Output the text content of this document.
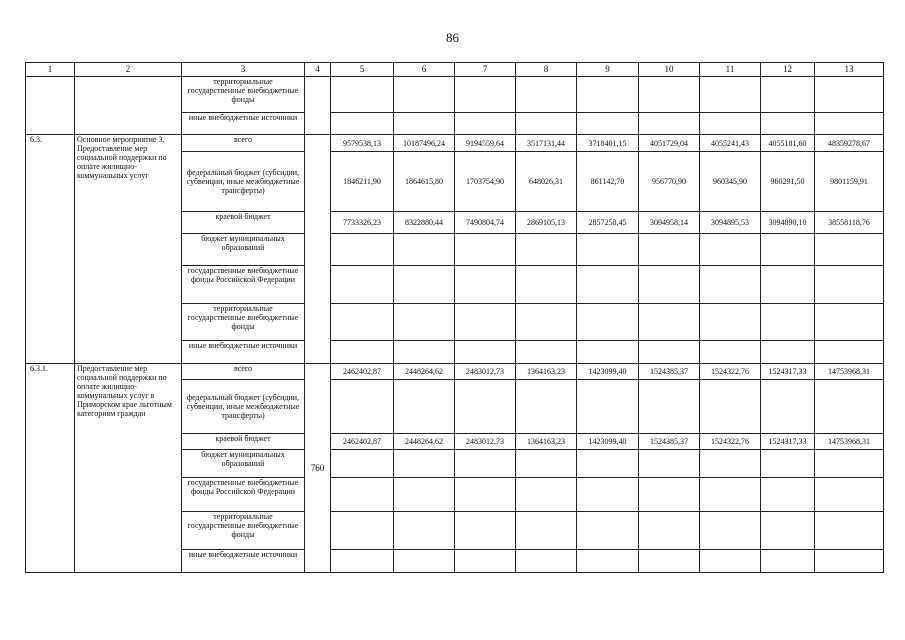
86
1	2	3	4	5	6	7	8	9	10	11	12	13
		территориальные государственные внебюджетные фонды										
		иные внебюджетные источники										
6.3.	Основное мероприятие 3. Предоставление мер социальной поддержки по оплате жилищно-коммунальных услуг	всего		9579538,13	10187496,24	9194559,64	3517131,44	3718401,15	4051729,04	4055241,43	4055181,60	48359278,67
		федеральный бюджет (субсидии, субвенции, иные межбюджетные трансферты)		1846211,90	1864615,80	1703754,90	648026,31	861142,70	956770,90	960345,90	960291,50	9801159,91
		краевой бюджет		7733326,23	8322880,44	7490804,74	2869105,13	2857258,45	3094958,14	3094895,53	3094890,10	38558118,76
		бюджет муниципальных образований										
		государственные внебюджетные фонды Российской Федерации										
		территориальные государственные внебюджетные фонды										
		иные внебюджетные источники										
6.3.1.	Предоставление мер социальной поддержки по оплате жилищно-коммунальных услуг в Приморском крае льготным категориям граждан	всего	760	2462402,87	2448264,62	2483012,73	1364163,23	1423099,40	1524385,37	1524322,76	1524317,33	14753968,31
		федеральный бюджет (субсидии, субвенции, иные межбюджетные трансферты)										
		краевой бюджет		2462402,87	2448264,62	2483012,73	1364163,23	1423099,40	1524385,37	1524322,76	1524317,33	14753968,31
		бюджет муниципальных образований										
		государственные внебюджетные фонды Российской Федерации										
		территориальные государственные внебюджетные фонды										
		иные внебюджетные источники										
